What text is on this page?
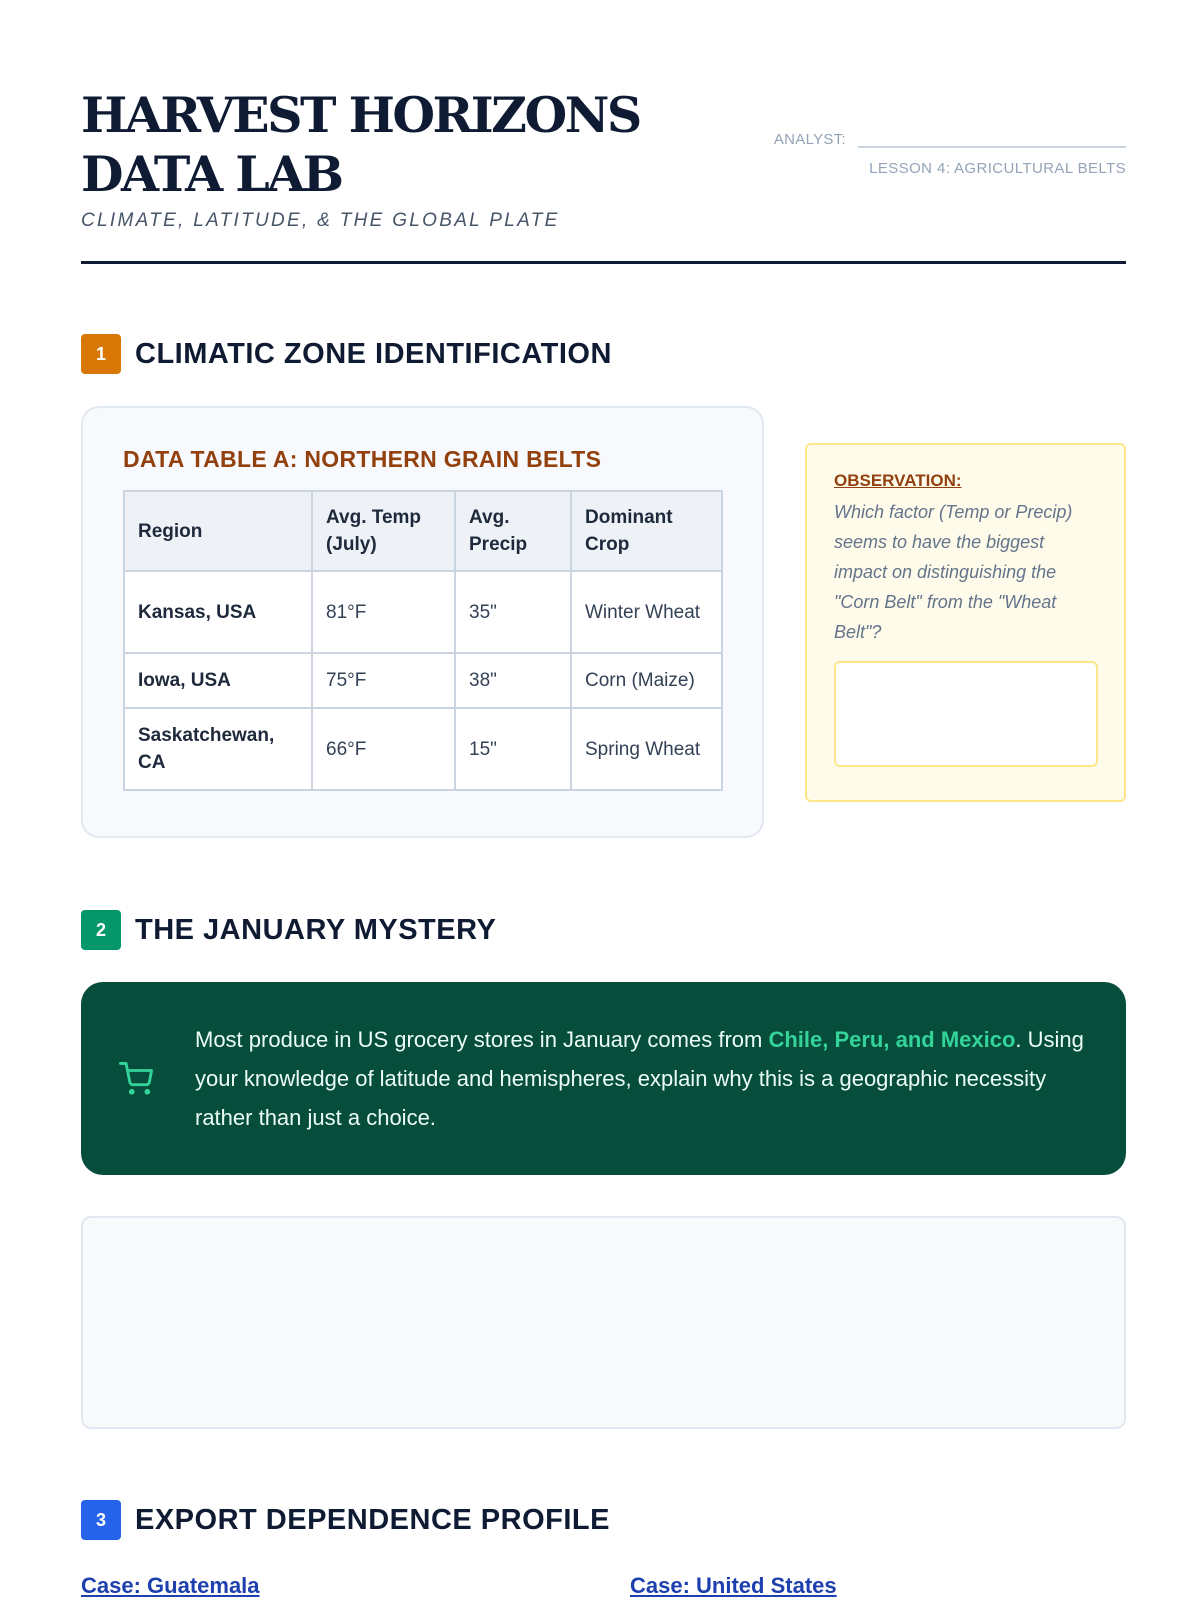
HARVEST HORIZONS DATA LAB
CLIMATE, LATITUDE, & THE GLOBAL PLATE
ANALYST:
LESSON 4: AGRICULTURAL BELTS
1	CLIMATIC ZONE IDENTIFICATION
DATA TABLE A: NORTHERN GRAIN BELTS
Region	Avg. Temp (July)	Avg. Precip	Dominant Crop
Kansas, USA	81°F	35"	Winter Wheat
Iowa, USA	75°F	38"	Corn (Maize)
Saskatchewan, CA	66°F	15"	Spring Wheat
OBSERVATION:
Which factor (Temp or Precip) seems to have the biggest impact on distinguishing the "Corn Belt" from the "Wheat Belt"?
2	THE JANUARY MYSTERY

Most produce in US grocery stores in January comes from Chile, Peru, and Mexico. Using your knowledge of latitude and hemispheres, explain why this is a geographic necessity rather than just a choice.

3	EXPORT DEPENDENCE PROFILE
Case: Guatemala	Case: United States
